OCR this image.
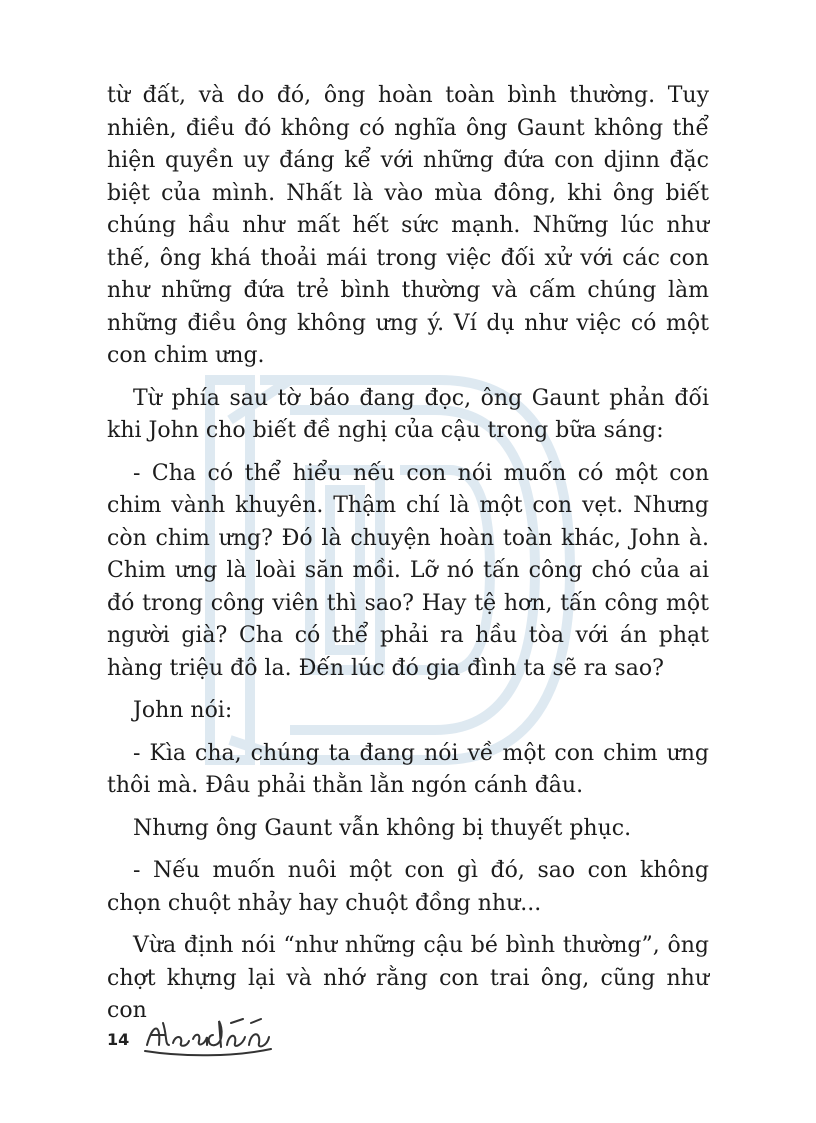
từ đất, và do đó, ông hoàn toàn bình thường. Tuy nhiên, điều đó không có nghĩa ông Gaunt không thể hiện quyền uy đáng kể với những đứa con djinn đặc biệt của mình. Nhất là vào mùa đông, khi ông biết chúng hầu như mất hết sức mạnh. Những lúc như thế, ông khá thoải mái trong việc đối xử với các con như những đứa trẻ bình thường và cấm chúng làm những điều ông không ưng ý. Ví dụ như việc có một con chim ưng.

Từ phía sau tờ báo đang đọc, ông Gaunt phản đối khi John cho biết đề nghị của cậu trong bữa sáng:

- Cha có thể hiểu nếu con nói muốn có một con chim vành khuyên. Thậm chí là một con vẹt. Nhưng còn chim ưng? Đó là chuyện hoàn toàn khác, John à. Chim ưng là loài săn mồi. Lỡ nó tấn công chó của ai đó trong công viên thì sao? Hay tệ hơn, tấn công một người già? Cha có thể phải ra hầu tòa với án phạt hàng triệu đô la. Đến lúc đó gia đình ta sẽ ra sao?

John nói:

- Kìa cha, chúng ta đang nói về một con chim ưng thôi mà. Đâu phải thằn lằn ngón cánh đâu.

Nhưng ông Gaunt vẫn không bị thuyết phục.

- Nếu muốn nuôi một con gì đó, sao con không chọn chuột nhảy hay chuột đồng như...

Vừa định nói “như những cậu bé bình thường”, ông chợt khựng lại và nhớ rằng con trai ông, cũng như con

14
